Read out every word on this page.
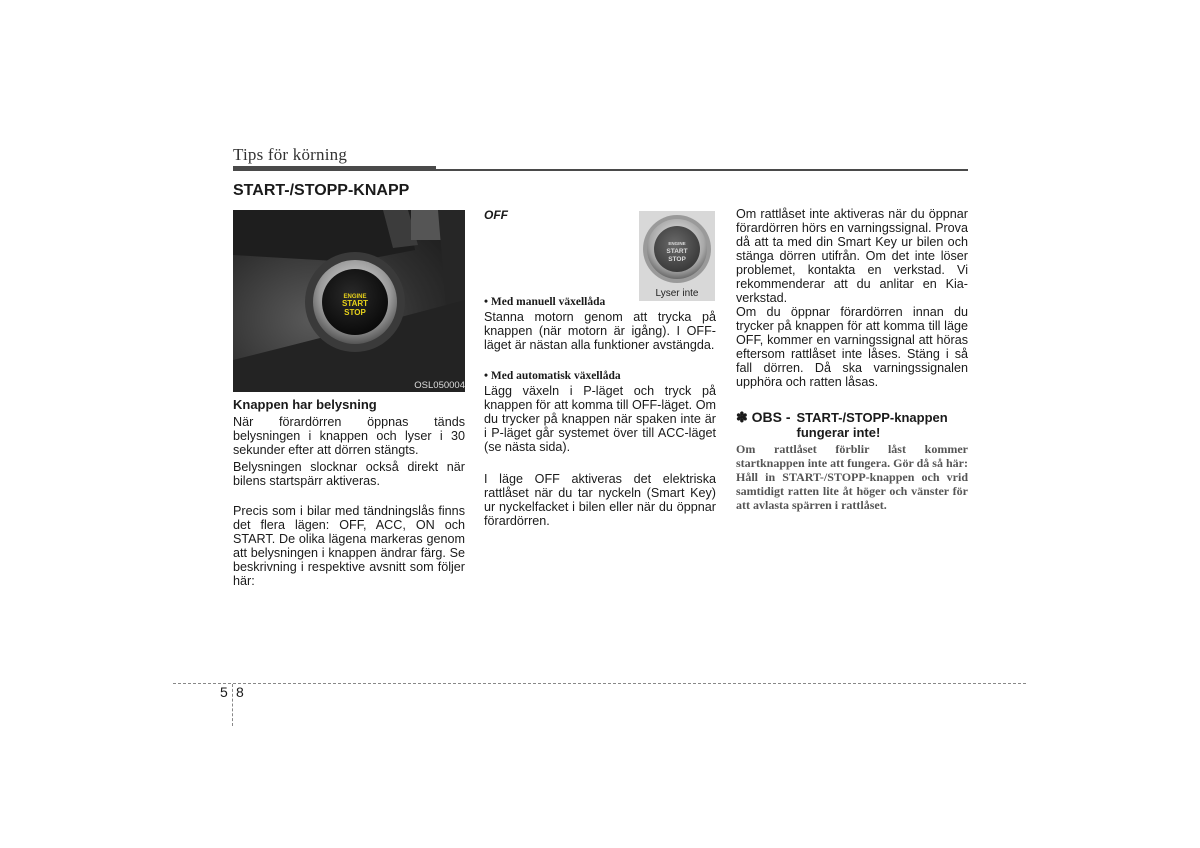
Tips för körning
START-/STOPP-KNAPP
ENGINE
START
STOP
OSL050004
Knappen har belysning
När förardörren öppnas tänds belysningen i knappen och lyser i 30 sekunder efter att dörren stängts.
Belysningen slocknar också direkt när bilens startspärr aktiveras.
Precis som i bilar med tändningslås finns det flera lägen: OFF, ACC, ON och START. De olika lägena markeras genom att belysningen i knappen ändrar färg. Se beskrivning i respektive avsnitt som följer här:
OFF
ENGINE
START
STOP
Lyser inte
• Med manuell växellåda
Stanna motorn genom att trycka på knappen (när motorn är igång). I OFF-läget är nästan alla funktioner avstängda.
• Med automatisk växellåda
Lägg växeln i P-läget och tryck på knappen för att komma till OFF-läget. Om du trycker på knappen när spaken inte är i P-läget går systemet över till ACC-läget (se nästa sida).
I läge OFF aktiveras det elektriska rattlåset när du tar nyckeln (Smart Key) ur nyckelfacket i bilen eller när du öppnar förardörren.
Om rattlåset inte aktiveras när du öppnar förardörren hörs en varningssignal. Prova då att ta med din Smart Key ur bilen och stänga dörren utifrån. Om det inte löser problemet, kontakta en verkstad. Vi rekommenderar att du anlitar en Kia-verkstad.
Om du öppnar förardörren innan du trycker på knappen för att komma till läge OFF, kommer en varningssignal att höras eftersom rattlåset inte låses. Stäng i så fall dörren. Då ska varningssignalen upphöra och ratten låsas.
✽ OBS - START-/STOPP-knappen
fungerar inte!
Om rattlåset förblir låst kommer startknappen inte att fungera. Gör då så här: Håll in START-/STOPP-knappen och vrid samtidigt ratten lite åt höger och vänster för att avlasta spärren i rattlåset.
5 8
